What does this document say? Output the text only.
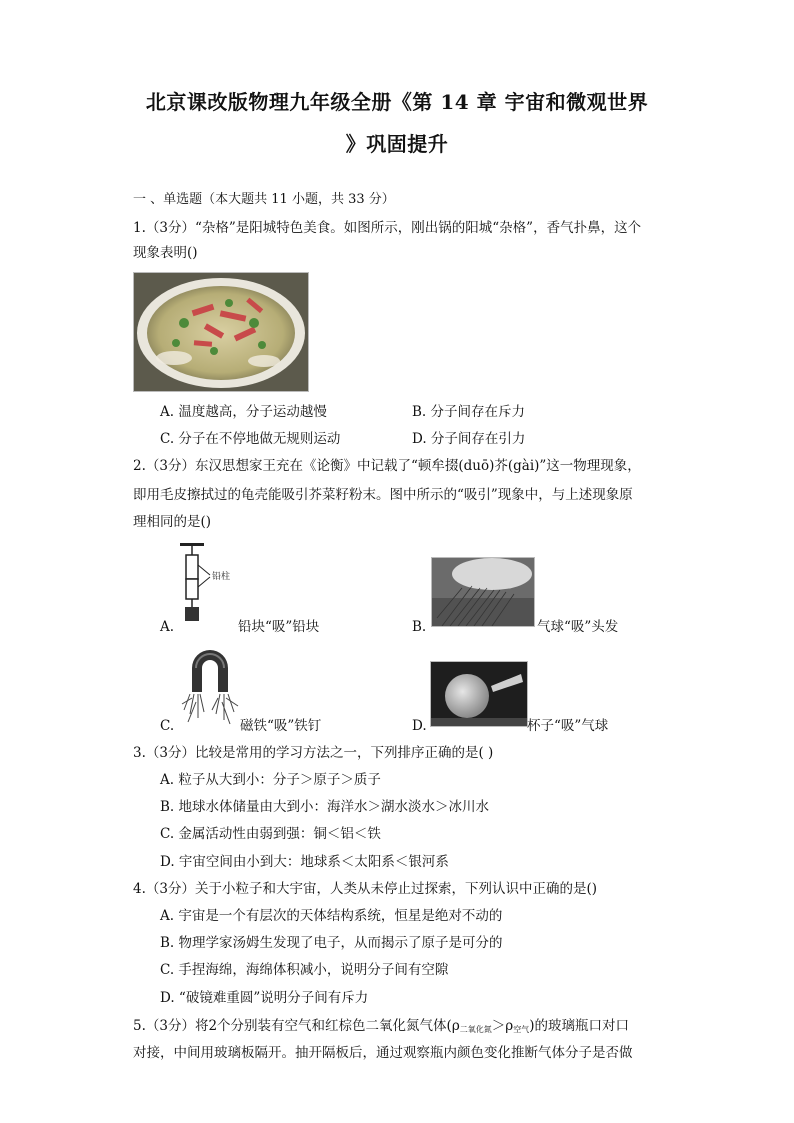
北京课改版物理九年级全册《第 14 章 宇宙和微观世界
》巩固提升
一 、单选题（本大题共 11 小题，共 33 分）
1.（3分）“杂格”是阳城特色美食。如图所示，刚出锅的阳城“杂格”，香气扑鼻，这个
现象表明()
A. 温度越高，分子运动越慢	B. 分子间存在斥力
C. 分子在不停地做无规则运动	D. 分子间存在引力
2.（3分）东汉思想家王充在《论衡》中记载了“顿牟掇(duō)芥(gài)”这一物理现象，
即用毛皮擦拭过的龟壳能吸引芥菜籽粉末。图中所示的“吸引”现象中，与上述现象原
理相同的是()
铅柱
A.	铅块“吸”铅块	B.	气球“吸”头发
C.	磁铁“吸”铁钉	D.	杯子“吸”气球
3.（3分）比较是常用的学习方法之一，下列排序正确的是( )
A. 粒子从大到小：分子＞原子＞质子
B. 地球水体储量由大到小：海洋水＞湖水淡水＞冰川水
C. 金属活动性由弱到强：铜＜铝＜铁
D. 宇宙空间由小到大：地球系＜太阳系＜银河系
4.（3分）关于小粒子和大宇宙，人类从未停止过探索，下列认识中正确的是()
A. 宇宙是一个有层次的天体结构系统，恒星是绝对不动的
B. 物理学家汤姆生发现了电子，从而揭示了原子是可分的
C. 手捏海绵，海绵体积减小，说明分子间有空隙
D. “破镜难重圆”说明分子间有斥力
5.（3分）将2个分别装有空气和红棕色二氧化氮气体$(\rho_{二氧化氮}>\rho_{空气})$的玻璃瓶口对口
对接，中间用玻璃板隔开。抽开隔板后，通过观察瓶内颜色变化推断气体分子是否做
